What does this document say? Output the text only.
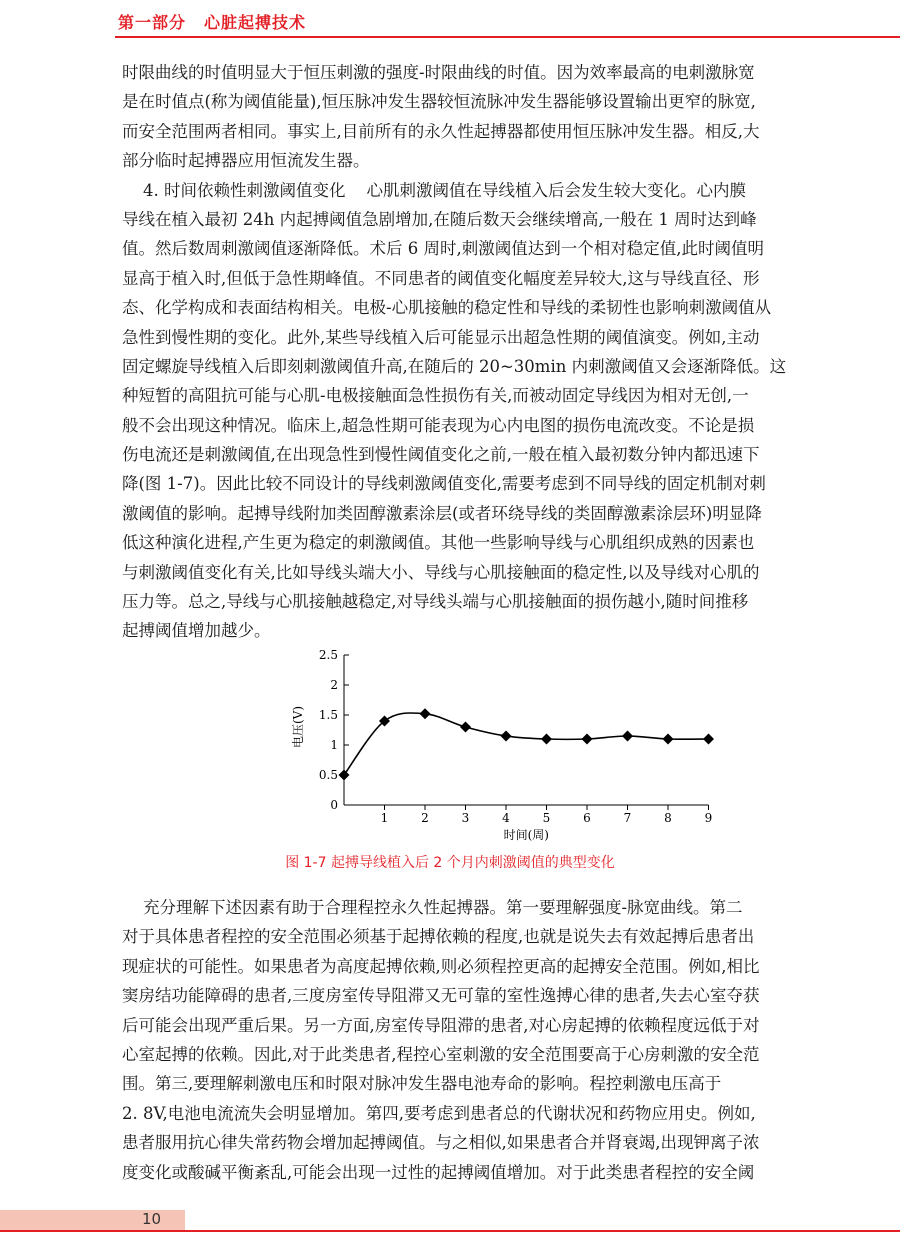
第一部分 心脏起搏技术
时限曲线的时值明显大于恒压刺激的强度-时限曲线的时值。因为效率最高的电刺激脉宽
是在时值点(称为阈值能量),恒压脉冲发生器较恒流脉冲发生器能够设置输出更窄的脉宽,
而安全范围两者相同。事实上,目前所有的永久性起搏器都使用恒压脉冲发生器。相反,大
部分临时起搏器应用恒流发生器。
4. 时间依赖性刺激阈值变化    心肌刺激阈值在导线植入后会发生较大变化。心内膜
导线在植入最初 24h 内起搏阈值急剧增加,在随后数天会继续增高,一般在 1 周时达到峰
值。然后数周刺激阈值逐渐降低。术后 6 周时,刺激阈值达到一个相对稳定值,此时阈值明
显高于植入时,但低于急性期峰值。不同患者的阈值变化幅度差异较大,这与导线直径、形
态、化学构成和表面结构相关。电极-心肌接触的稳定性和导线的柔韧性也影响刺激阈值从
急性到慢性期的变化。此外,某些导线植入后可能显示出超急性期的阈值演变。例如,主动
固定螺旋导线植入后即刻刺激阈值升高,在随后的 20~30min 内刺激阈值又会逐渐降低。这
种短暂的高阻抗可能与心肌-电极接触面急性损伤有关,而被动固定导线因为相对无创,一
般不会出现这种情况。临床上,超急性期可能表现为心内电图的损伤电流改变。不论是损
伤电流还是刺激阈值,在出现急性到慢性阈值变化之前,一般在植入最初数分钟内都迅速下
降(图 1-7)。因此比较不同设计的导线刺激阈值变化,需要考虑到不同导线的固定机制对刺
激阈值的影响。起搏导线附加类固醇激素涂层(或者环绕导线的类固醇激素涂层环)明显降
低这种演化进程,产生更为稳定的刺激阈值。其他一些影响导线与心肌组织成熟的因素也
与刺激阈值变化有关,比如导线头端大小、导线与心肌接触面的稳定性,以及导线对心肌的
压力等。总之,导线与心肌接触越稳定,对导线头端与心肌接触面的损伤越小,随时间推移
起搏阈值增加越少。
0
0.5
1
1.5
2
2.5
1	2	3	4	5	6	7	8	9
时间(周)
电压(V)
图 1-7 起搏导线植入后 2 个月内刺激阈值的典型变化
充分理解下述因素有助于合理程控永久性起搏器。第一要理解强度-脉宽曲线。第二
对于具体患者程控的安全范围必须基于起搏依赖的程度,也就是说失去有效起搏后患者出
现症状的可能性。如果患者为高度起搏依赖,则必须程控更高的起搏安全范围。例如,相比
窦房结功能障碍的患者,三度房室传导阻滞又无可靠的室性逸搏心律的患者,失去心室夺获
后可能会出现严重后果。另一方面,房室传导阻滞的患者,对心房起搏的依赖程度远低于对
心室起搏的依赖。因此,对于此类患者,程控心室刺激的安全范围要高于心房刺激的安全范
围。第三,要理解刺激电压和时限对脉冲发生器电池寿命的影响。程控刺激电压高于
2. 8V,电池电流流失会明显增加。第四,要考虑到患者总的代谢状况和药物应用史。例如,
患者服用抗心律失常药物会增加起搏阈值。与之相似,如果患者合并肾衰竭,出现钾离子浓
度变化或酸碱平衡紊乱,可能会出现一过性的起搏阈值增加。对于此类患者程控的安全阈
10
